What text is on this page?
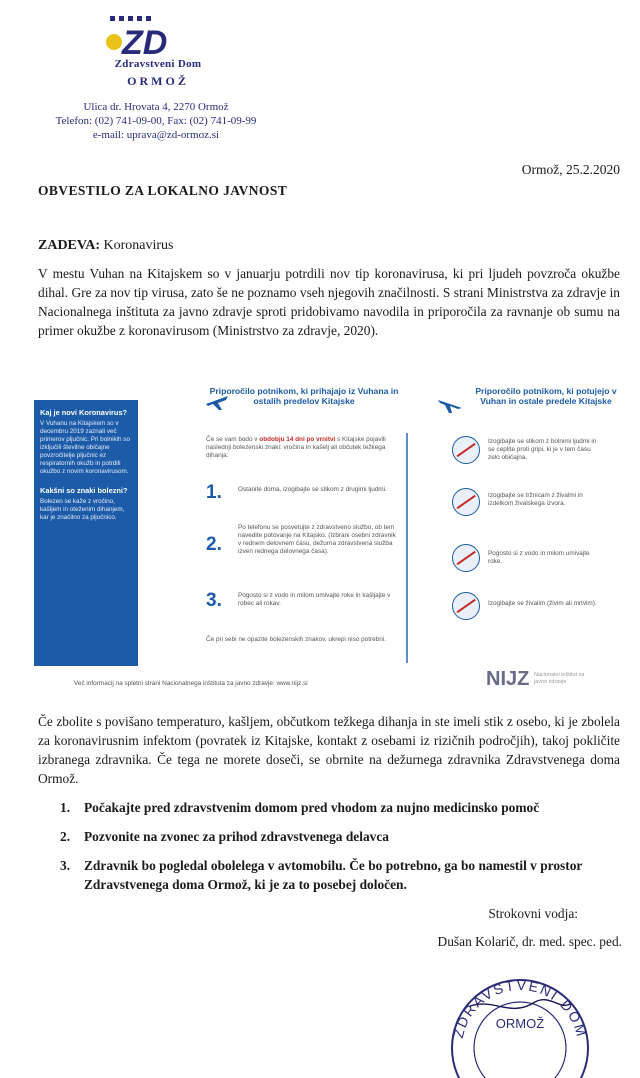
ZD
Zdravstveni Dom
ORMOŽ
Ulica dr. Hrovata 4, 2270 Ormož
Telefon: (02) 741-09-00, Fax: (02) 741-09-99
e-mail: uprava@zd-ormoz.si
Ormož, 25.2.2020
OBVESTILO ZA LOKALNO JAVNOST
ZADEVA: Koronavirus
V mestu Vuhan na Kitajskem so v januarju potrdili nov tip koronavirusa, ki pri ljudeh povzroča okužbe dihal. Gre za nov tip virusa, zato še ne poznamo vseh njegovih značilnosti. S strani Ministrstva za zdravje in Nacionalnega inštituta za javno zdravje sproti pridobivamo navodila in priporočila za ravnanje ob sumu na primer okužbe z koronavirusom (Ministrstvo za zdravje, 2020).
Kaj je novi Koronavirus?
V Vuhanu na Kitajskem so v decembru 2019 zaznali več primerov pljučnic. Pri bolnikih so izključili številne običajne povzročitelje pljučnic ez respiratornih okužb in potrdili okužbo z novim koronavirusom.
Kakšni so znaki bolezni?
Bolezen se kaže z vročino, kašljem in oteženim dihanjem, kar je značilno za pljučnico.
Priporočilo potnikom, ki prihajajo iz Vuhana in ostalih predelov Kitajske
Če se vam bodo v obdobju 14 dni po vrnitvi s Kitajske pojavili naslednji bolezenski znaki: vročina in kašelj ali občutek težkega dihanja:
1.	Ostanite doma, izogibajte se stikom z drugimi ljudmi.
2.
Po telefonu se posvetujte z zdravstveno službo, ob tem navedite potovanje na Kitajsko. (Izbrani osebni zdravnik v rednem delovnem času, dežurna zdravstvena služba izven rednega delovnega časa).
3.	Pogosto si z vodo in milom umivajte roke in kašljajte v robec ali rokav.
Če pri sebi ne opazite bolezenskih znakov, ukrepi niso potrebni.
Priporočilo potnikom, ki potujejo v Vuhan in ostale predele Kitajske
Izogibajte se stikom z bolnimi ljudmi in se ceplite proti gripi, ki je v tem času zelo običajna.
Izogibajte se tržnicam z živalmi in izdelkom živalskega izvora.
Pogosto si z vodo in milom umivajte roke.
Izogibajte se živalim (živim ali mrtvim).
Več informacij na spletni strani Nacionalnega inštituta za javno zdravje: www.nijz.si	NIJZ Nacionalni inštitut za javno zdravje
Če zbolite s povišano temperaturo, kašljem, občutkom težkega dihanja in ste imeli stik z osebo, ki je zbolela za koronavirusnim infektom (povratek iz Kitajske, kontakt z osebami iz rizičnih področjih), takoj pokličite izbranega zdravnika. Če tega ne morete doseči, se obrnite na dežurnega zdravnika Zdravstvenega doma Ormož.
1. Počakajte pred zdravstvenim domom pred vhodom za nujno medicinsko pomoč
2. Pozvonite na zvonec za prihod zdravstvenega delavca
3. Zdravnik bo pogledal obolelega v avtomobilu. Če bo potrebno, ga bo namestil v prostor Zdravstvenega doma Ormož, ki je za to posebej določen.
Strokovni vodja:
Dušan Kolarič, dr. med. spec. ped.
ZDRAVSTVENI DOM
ORMOŽ
